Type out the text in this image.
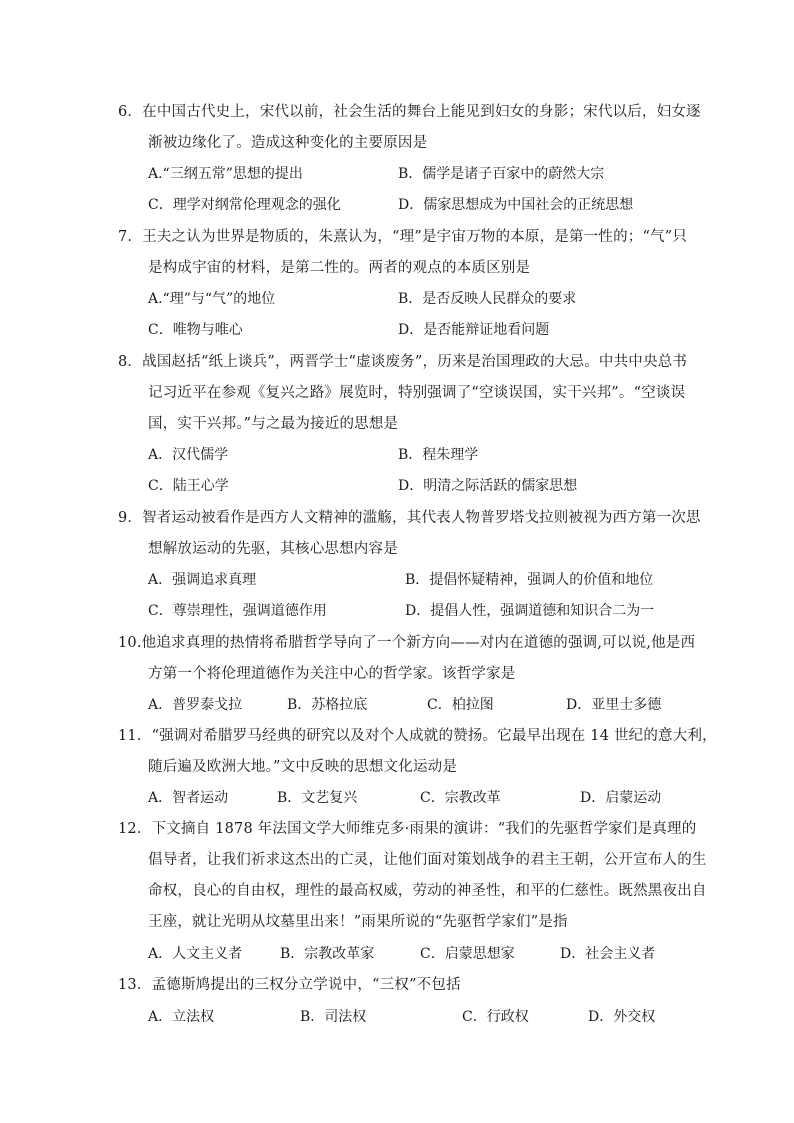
6．在中国古代史上，宋代以前，社会生活的舞台上能见到妇女的身影；宋代以后，妇女逐
渐被边缘化了。造成这种变化的主要原因是
A.“三纲五常”思想的提出	B．儒学是诸子百家中的蔚然大宗
C．理学对纲常伦理观念的强化	D．儒家思想成为中国社会的正统思想
7．王夫之认为世界是物质的，朱熹认为，“理”是宇宙万物的本原，是第一性的；“气”只
是构成宇宙的材料，是第二性的。两者的观点的本质区别是
A.“理”与“气”的地位	B．是否反映人民群众的要求
C．唯物与唯心	D．是否能辩证地看问题
8．战国赵括“纸上谈兵”，两晋学士“虚谈废务”，历来是治国理政的大忌。中共中央总书
记习近平在参观《复兴之路》展览时，特别强调了“空谈误国，实干兴邦”。“空谈误
国，实干兴邦。”与之最为接近的思想是
A．汉代儒学	B．程朱理学
C．陆王心学	D．明清之际活跃的儒家思想
9．智者运动被看作是西方人文精神的滥觞，其代表人物普罗塔戈拉则被视为西方第一次思
想解放运动的先驱，其核心思想内容是
A．强调追求真理	B．提倡怀疑精神，强调人的价值和地位
C．尊崇理性，强调道德作用	D．提倡人性，强调道德和知识合二为一
10.他追求真理的热情将希腊哲学导向了一个新方向——对内在道德的强调,可以说,他是西
方第一个将伦理道德作为关注中心的哲学家。该哲学家是
A．普罗泰戈拉	B．苏格拉底	C．柏拉图	D．亚里士多德
11．“强调对希腊罗马经典的研究以及对个人成就的赞扬。它最早出现在 14 世纪的意大利，
随后遍及欧洲大地。”文中反映的思想文化运动是
A．智者运动	B．文艺复兴	C．宗教改革	D．启蒙运动
12．下文摘自 1878 年法国文学大师维克多·雨果的演讲：“我们的先驱哲学家们是真理的
倡导者，让我们祈求这杰出的亡灵，让他们面对策划战争的君主王朝，公开宣布人的生
命权，良心的自由权，理性的最高权威，劳动的神圣性，和平的仁慈性。既然黑夜出自
王座，就让光明从坟墓里出来！”雨果所说的“先驱哲学家们”是指
A．人文主义者	B．宗教改革家	C．启蒙思想家	D．社会主义者
13．孟德斯鸠提出的三权分立学说中，“三权”不包括
A．立法权	B．司法权	C．行政权	D．外交权
